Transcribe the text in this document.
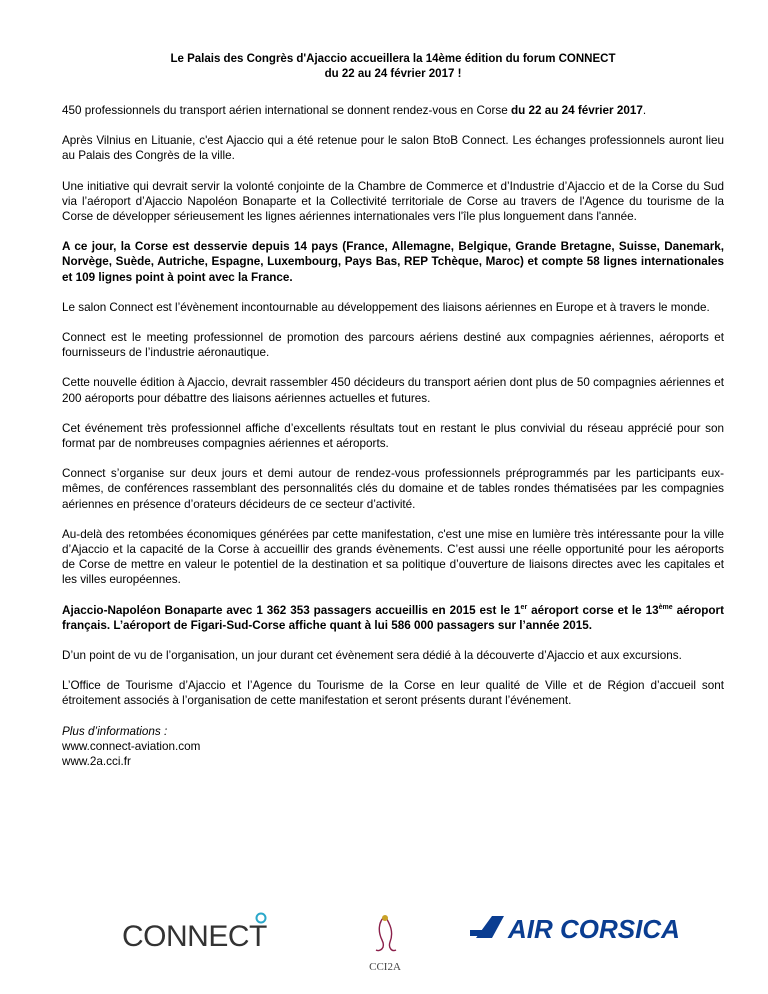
Le Palais des Congrès d'Ajaccio accueillera la 14ème édition du forum CONNECT
du 22 au 24 février 2017 !

450 professionnels du transport aérien international se donnent rendez-vous en Corse du 22 au 24 février 2017.

Après Vilnius en Lituanie, c'est Ajaccio qui a été retenue pour le salon BtoB Connect. Les échanges professionnels auront lieu au Palais des Congrès de la ville.

Une initiative qui devrait servir la volonté conjointe de la Chambre de Commerce et d’Industrie d’Ajaccio et de la Corse du Sud via l’aéroport d’Ajaccio Napoléon Bonaparte et la Collectivité territoriale de Corse au travers de l'Agence du tourisme de la Corse de développer sérieusement les lignes aériennes internationales vers l'île plus longuement dans l'année.

A ce jour, la Corse est desservie depuis 14 pays (France, Allemagne, Belgique, Grande Bretagne, Suisse, Danemark, Norvège, Suède, Autriche, Espagne, Luxembourg, Pays Bas, REP Tchèque, Maroc) et compte 58 lignes internationales et 109 lignes point à point avec la France.

Le salon Connect est l’évènement incontournable au développement des liaisons aériennes en Europe et à travers le monde.

Connect est le meeting professionnel de promotion des parcours aériens destiné aux compagnies aériennes, aéroports et fournisseurs de l’industrie aéronautique.

Cette nouvelle édition à Ajaccio, devrait rassembler 450 décideurs du transport aérien dont plus de 50 compagnies aériennes et 200 aéroports pour débattre des liaisons aériennes actuelles et futures.

Cet événement très professionnel affiche d’excellents résultats tout en restant le plus convivial du réseau apprécié pour son format par de nombreuses compagnies aériennes et aéroports.

Connect s’organise sur deux jours et demi autour de rendez-vous professionnels préprogrammés par les participants eux-mêmes, de conférences rassemblant des personnalités clés du domaine et de tables rondes thématisées par les compagnies aériennes en présence d’orateurs décideurs de ce secteur d’activité.

Au-delà des retombées économiques générées par cette manifestation, c'est une mise en lumière très intéressante pour la ville d’Ajaccio et la capacité de la Corse à accueillir des grands évènements. C’est aussi une réelle opportunité pour les aéroports de Corse de mettre en valeur le potentiel de la destination et sa politique d’ouverture de liaisons directes avec les capitales et les villes européennes.

Ajaccio-Napoléon Bonaparte avec 1 362 353 passagers accueillis en 2015 est le 1er aéroport corse et le 13ème aéroport français. L’aéroport de Figari-Sud-Corse affiche quant à lui 586 000 passagers sur l’année 2015.

D’un point de vu de l’organisation, un jour durant cet évènement sera dédié à la découverte d’Ajaccio et aux excursions.

L’Office de Tourisme d’Ajaccio et l’Agence du Tourisme de la Corse en leur qualité de Ville et de Région d’accueil sont étroitement associés à l’organisation de cette manifestation et seront présents durant l’événement.

Plus d’informations :
www.connect-aviation.com
www.2a.cci.fr
CONNECT
CCI2A
AIR CORSICA
